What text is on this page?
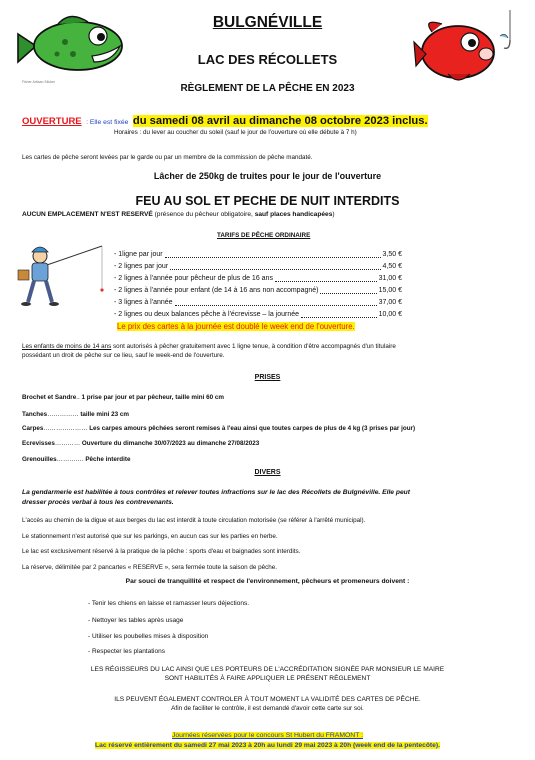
Fisher Artisan Sticker
BULGNÉVILLE
LAC DES RÉCOLLETS
RÈGLEMENT DE LA PÊCHE EN 2023
OUVERTURE : Elle est fixée du samedi 08 avril au dimanche 08 octobre 2023 inclus.
Horaires : du lever au coucher du soleil (sauf le jour de l'ouverture où elle débute à 7 h)
Les cartes de pêche seront levées par le garde ou par un membre de la commission de pêche mandaté.
Lâcher de 250kg de truites pour le jour de l'ouverture
FEU AU SOL ET PECHE DE NUIT INTERDITS
AUCUN EMPLACEMENT N'EST RESERVÉ (présence du pêcheur obligatoire, sauf places handicapées)
TARIFS DE PÊCHE ORDINAIRE
- 1ligne par jour	3,50 €
- 2 lignes par jour	4,50 €
- 2 lignes à l'année pour pêcheur de plus de 16 ans	31,00 €
- 2 lignes à l'année pour enfant (de 14 à 16 ans non accompagné)	15,00 €
- 3 lignes à l'année	37,00 €
- 2 lignes ou deux balances pêche à l'écrevisse – la journée	10,00 €
Le prix des cartes à la journée est doublé le week end de l'ouverture.
Les enfants de moins de 14 ans sont autorisés à pêcher gratuitement avec 1 ligne tenue, à condition d'être accompagnés d'un titulaire
possédant un droit de pêche sur ce lieu, sauf le week-end de l'ouverture.
PRISES
Brochet et Sandre.. 1 prise par jour et par pêcheur, taille mini 60 cm
Tanches…………… taille mini 23 cm
Carpes………………… Les carpes amours pêchées seront remises à l'eau ainsi que toutes carpes de plus de 4 kg (3 prises par jour)
Ecrevisses………… Ouverture du dimanche 30/07/2023 au dimanche 27/08/2023
Grenouilles…………. Pêche interdite
DIVERS
La gendarmerie est habilitée à tous contrôles et relever toutes infractions sur le lac des Récollets de Bulgnéville. Elle peut
dresser procès verbal à tous les contrevenants.
L'accès au chemin de la digue et aux berges du lac est interdit à toute circulation motorisée (se référer à l'arrêté municipal).
Le stationnement n'est autorisé que sur les parkings, en aucun cas sur les parties en herbe.
Le lac est exclusivement réservé à la pratique de la pêche : sports d'eau et baignades sont interdits.
La réserve, délimitée par 2 pancartes « RESERVE », sera fermée toute la saison de pêche.
Par souci de tranquillité et respect de l'environnement, pêcheurs et promeneurs doivent :
- Tenir les chiens en laisse et ramasser leurs déjections.
- Nettoyer les tables après usage
- Utiliser les poubelles mises à disposition
- Respecter les plantations
LES RÉGISSEURS DU LAC AINSI QUE LES PORTEURS DE L'ACCRÉDITATION SIGNÉE PAR MONSIEUR LE MAIRE
SONT HABILITÉS À FAIRE APPLIQUER LE PRÉSENT RÈGLEMENT
ILS PEUVENT ÉGALEMENT CONTROLER À TOUT MOMENT LA VALIDITÉ DES CARTES DE PÊCHE.
Afin de faciliter le contrôle, il est demandé d'avoir cette carte sur soi.
Journées réservées pour le concours St Hubert du FRAMONT :
Lac réservé entièrement du samedi 27 mai 2023 à 20h au lundi 29 mai 2023 à 20h (week end de la pentecôte).
